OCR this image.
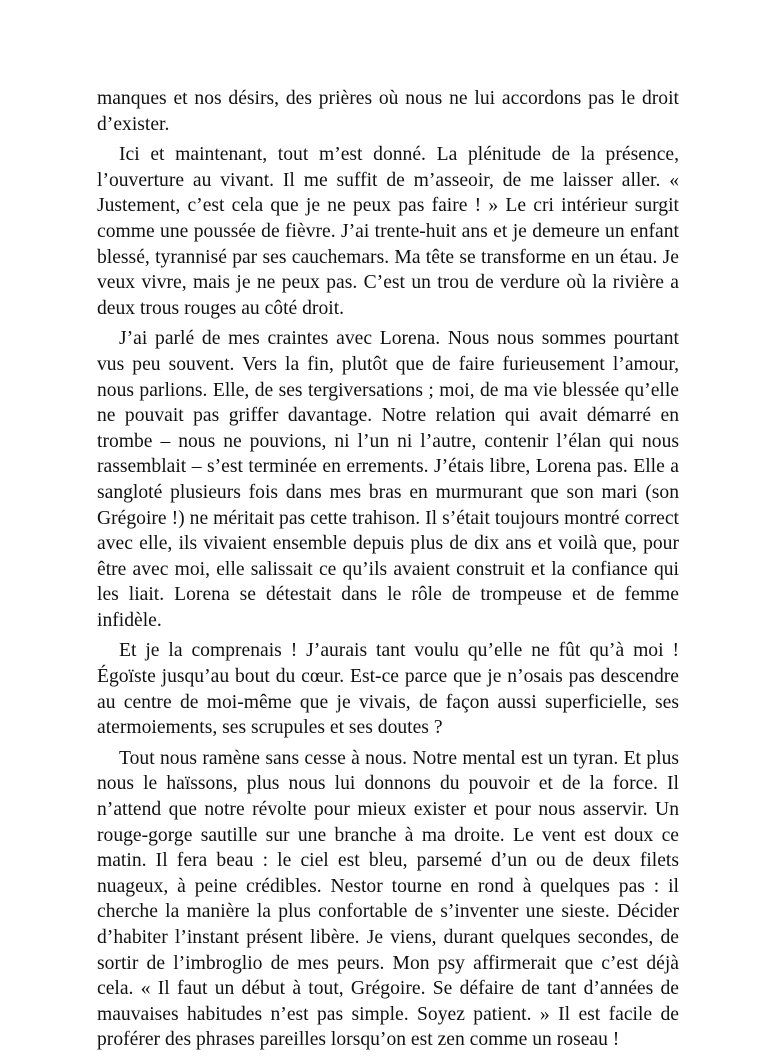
manques et nos désirs, des prières où nous ne lui accordons pas le droit d’exister.

Ici et maintenant, tout m’est donné. La plénitude de la présence, l’ouverture au vivant. Il me suffit de m’asseoir, de me laisser aller. « Justement, c’est cela que je ne peux pas faire ! » Le cri intérieur surgit comme une poussée de fièvre. J’ai trente-huit ans et je demeure un enfant blessé, tyrannisé par ses cauchemars. Ma tête se transforme en un étau. Je veux vivre, mais je ne peux pas. C’est un trou de verdure où la rivière a deux trous rouges au côté droit.

J’ai parlé de mes craintes avec Lorena. Nous nous sommes pourtant vus peu souvent. Vers la fin, plutôt que de faire furieusement l’amour, nous parlions. Elle, de ses tergiversations ; moi, de ma vie blessée qu’elle ne pouvait pas griffer davantage. Notre relation qui avait démarré en trombe – nous ne pouvions, ni l’un ni l’autre, contenir l’élan qui nous rassemblait – s’est terminée en errements. J’étais libre, Lorena pas. Elle a sangloté plusieurs fois dans mes bras en murmurant que son mari (son Grégoire !) ne méritait pas cette trahison. Il s’était toujours montré correct avec elle, ils vivaient ensemble depuis plus de dix ans et voilà que, pour être avec moi, elle salissait ce qu’ils avaient construit et la confiance qui les liait. Lorena se détestait dans le rôle de trompeuse et de femme infidèle.

Et je la comprenais ! J’aurais tant voulu qu’elle ne fût qu’à moi ! Égoïste jusqu’au bout du cœur. Est-ce parce que je n’osais pas descendre au centre de moi-même que je vivais, de façon aussi superficielle, ses atermoiements, ses scrupules et ses doutes ?

Tout nous ramène sans cesse à nous. Notre mental est un tyran. Et plus nous le haïssons, plus nous lui donnons du pouvoir et de la force. Il n’attend que notre révolte pour mieux exister et pour nous asservir. Un rouge-gorge sautille sur une branche à ma droite. Le vent est doux ce matin. Il fera beau : le ciel est bleu, parsemé d’un ou de deux filets nuageux, à peine crédibles. Nestor tourne en rond à quelques pas : il cherche la manière la plus confortable de s’inventer une sieste. Décider d’habiter l’instant présent libère. Je viens, durant quelques secondes, de sortir de l’imbroglio de mes peurs. Mon psy affirmerait que c’est déjà cela. « Il faut un début à tout, Grégoire. Se défaire de tant d’années de mauvaises habitudes n’est pas simple. Soyez patient. » Il est facile de proférer des phrases pareilles lorsqu’on est zen comme un roseau !
